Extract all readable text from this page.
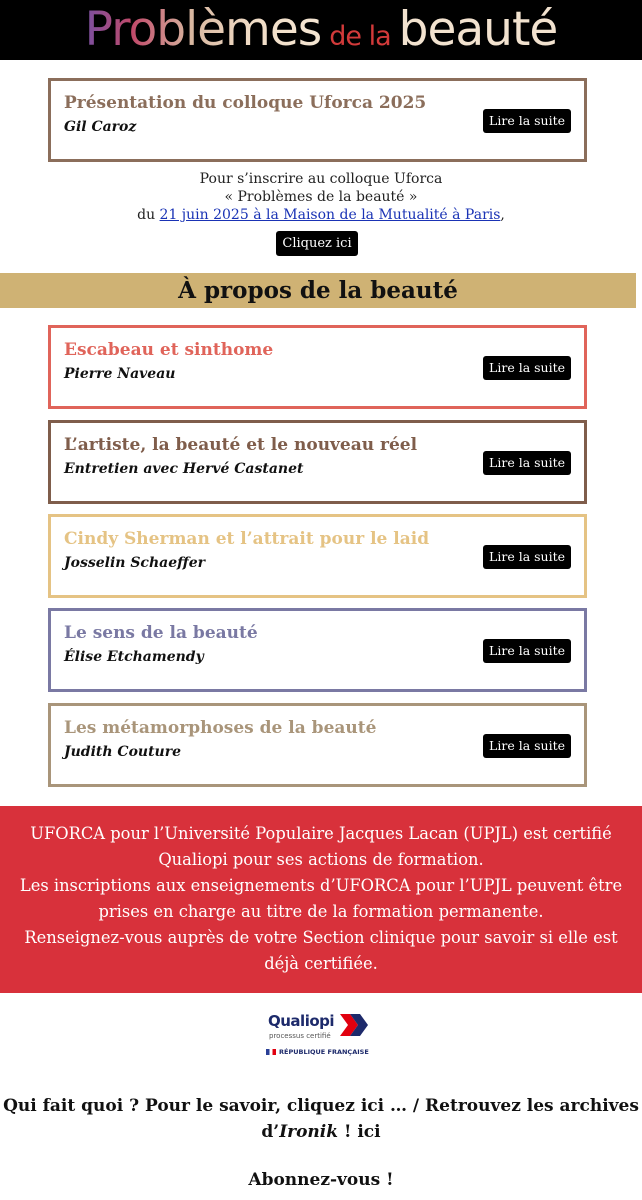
Problèmes de la beauté
Présentation du colloque Uforca 2025
Gil Caroz	Lire la suite
Pour s’inscrire au colloque Uforca
« Problèmes de la beauté »
du 21 juin 2025 à la Maison de la Mutualité à Paris,
Cliquez ici
À propos de la beauté
Escabeau et sinthome
Pierre Naveau	Lire la suite
L’artiste, la beauté et le nouveau réel
Entretien avec Hervé Castanet	Lire la suite
Cindy Sherman et l’attrait pour le laid
Josselin Schaeffer	Lire la suite
Le sens de la beauté
Élise Etchamendy	Lire la suite
Les métamorphoses de la beauté
Judith Couture	Lire la suite
UFORCA pour l’Université Populaire Jacques Lacan (UPJL) est certifié
Qualiopi pour ses actions de formation.
Les inscriptions aux enseignements d’UFORCA pour l’UPJL peuvent être
prises en charge au titre de la formation permanente.
Renseignez-vous auprès de votre Section clinique pour savoir si elle est
déjà certifiée.
Qualiopi
processus certifié
RÉPUBLIQUE FRANÇAISE
Qui fait quoi ? Pour le savoir, cliquez ici … / Retrouvez les archives
d’Ironik ! ici
Abonnez-vous !
